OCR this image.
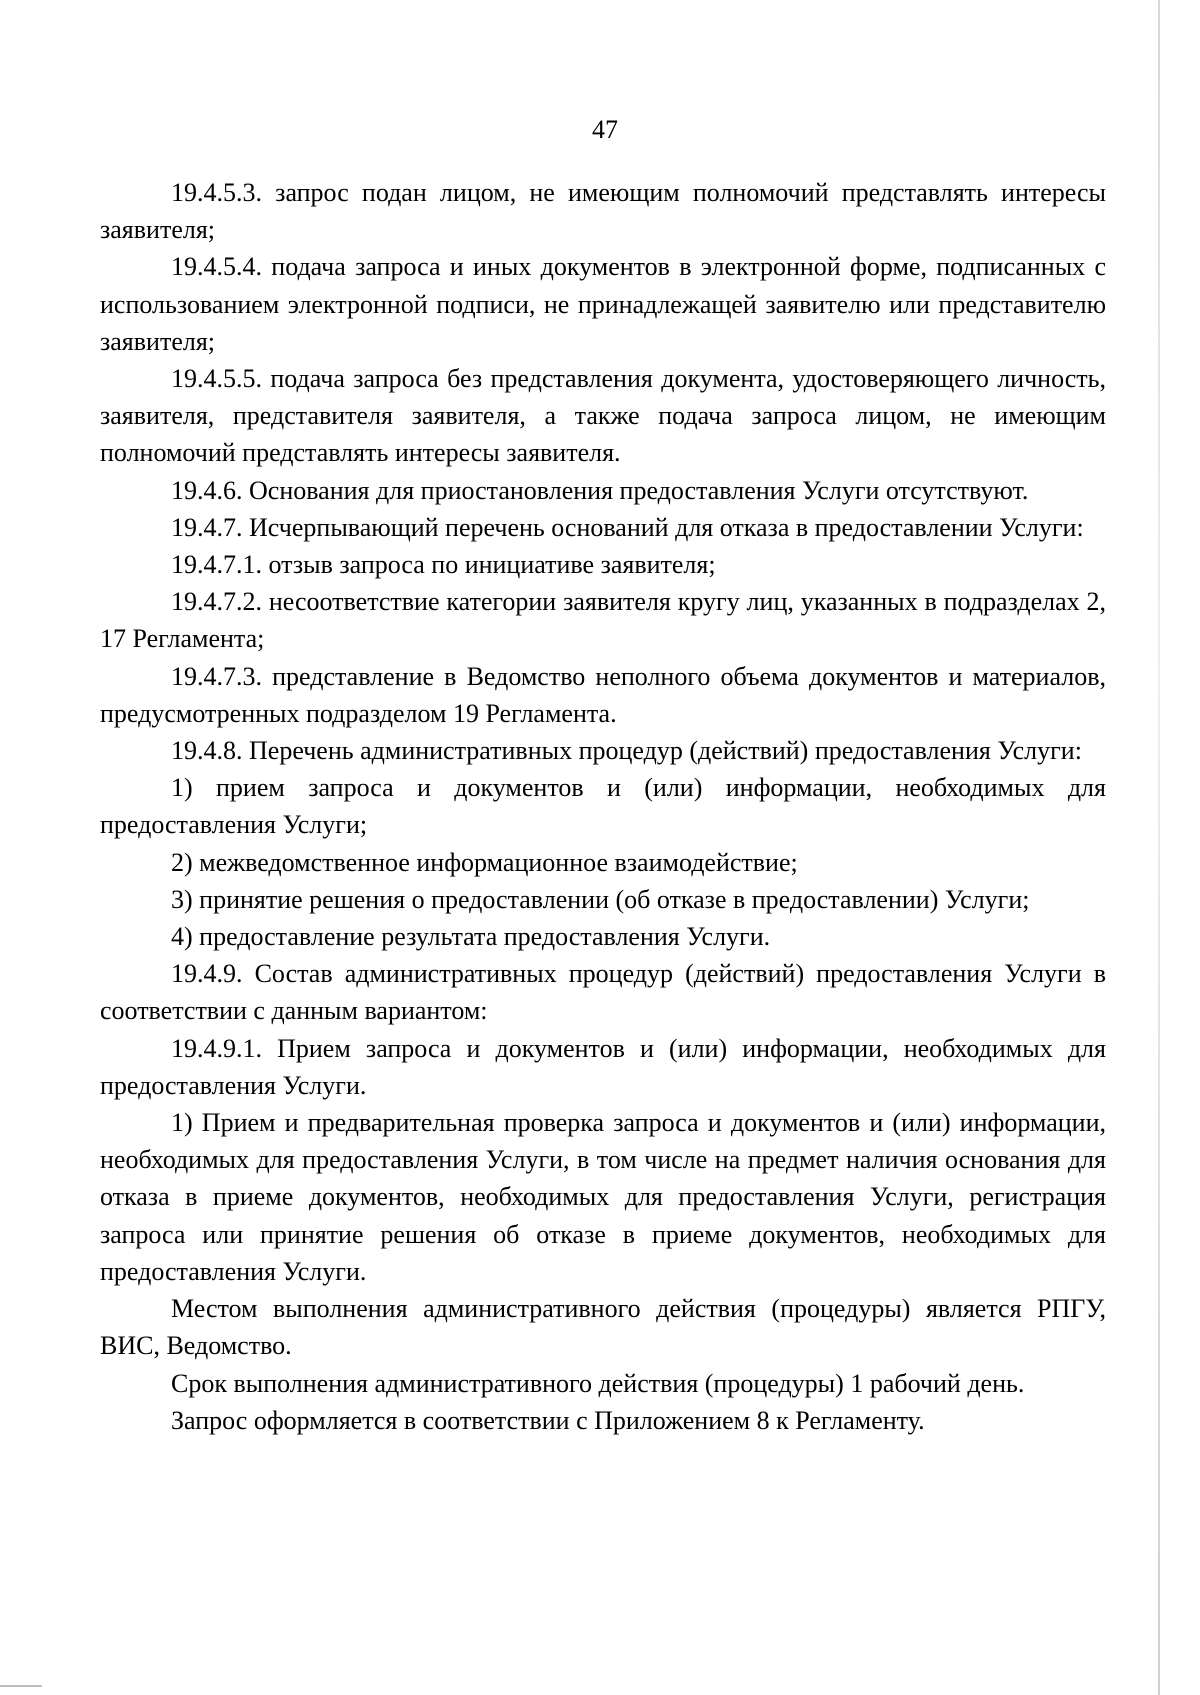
47

19.4.5.3. запрос подан лицом, не имеющим полномочий представлять интересы заявителя;

19.4.5.4. подача запроса и иных документов в электронной форме, подписанных с использованием электронной подписи, не принадлежащей заявителю или представителю заявителя;

19.4.5.5. подача запроса без представления документа, удостоверяющего личность, заявителя, представителя заявителя, а также подача запроса лицом, не имеющим полномочий представлять интересы заявителя.

19.4.6. Основания для приостановления предоставления Услуги отсутствуют.

19.4.7. Исчерпывающий перечень оснований для отказа в предоставлении Услуги:

19.4.7.1. отзыв запроса по инициативе заявителя;

19.4.7.2. несоответствие категории заявителя кругу лиц, указанных в подразделах 2, 17 Регламента;

19.4.7.3. представление в Ведомство неполного объема документов и материалов, предусмотренных подразделом 19 Регламента.

19.4.8. Перечень административных процедур (действий) предоставления Услуги:

1) прием запроса и документов и (или) информации, необходимых для предоставления Услуги;

2) межведомственное информационное взаимодействие;

3) принятие решения о предоставлении (об отказе в предоставлении) Услуги;

4) предоставление результата предоставления Услуги.

19.4.9. Состав административных процедур (действий) предоставления Услуги в соответствии с данным вариантом:

19.4.9.1. Прием запроса и документов и (или) информации, необходимых для предоставления Услуги.

1) Прием и предварительная проверка запроса и документов и (или) информации, необходимых для предоставления Услуги, в том числе на предмет наличия основания для отказа в приеме документов, необходимых для предоставления Услуги, регистрация запроса или принятие решения об отказе в приеме документов, необходимых для предоставления Услуги.

Местом выполнения административного действия (процедуры) является РПГУ, ВИС, Ведомство.

Срок выполнения административного действия (процедуры) 1 рабочий день.

Запрос оформляется в соответствии с Приложением 8 к Регламенту.
